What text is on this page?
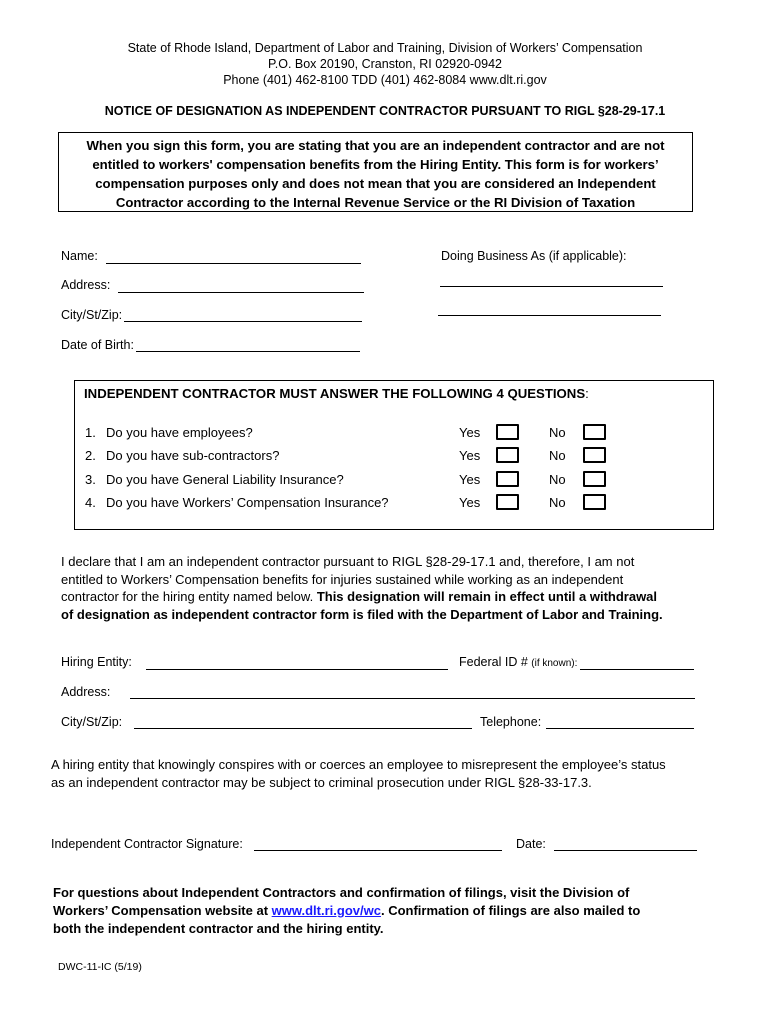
State of Rhode Island, Department of Labor and Training, Division of Workers’ Compensation
P.O. Box 20190, Cranston, RI 02920-0942
Phone (401) 462-8100 TDD (401) 462-8084 www.dlt.ri.gov
NOTICE OF DESIGNATION AS INDEPENDENT CONTRACTOR PURSUANT TO RIGL §28-29-17.1
When you sign this form, you are stating that you are an independent contractor and are not
entitled to workers' compensation benefits from the Hiring Entity. This form is for workers’
compensation purposes only and does not mean that you are considered an Independent
Contractor according to the Internal Revenue Service or the RI Division of Taxation
Name:	Doing Business As (if applicable):
Address:
City/St/Zip:
Date of Birth:
INDEPENDENT CONTRACTOR MUST ANSWER THE FOLLOWING 4 QUESTIONS:
1. Do you have employees?	Yes	No
2. Do you have sub-contractors?	Yes	No
3. Do you have General Liability Insurance?	Yes	No
4. Do you have Workers’ Compensation Insurance?	Yes	No
I declare that I am an independent contractor pursuant to RIGL §28-29-17.1 and, therefore, I am not
entitled to Workers’ Compensation benefits for injuries sustained while working as an independent
contractor for the hiring entity named below. This designation will remain in effect until a withdrawal
of designation as independent contractor form is filed with the Department of Labor and Training.
Hiring Entity:	Federal ID # (if known):
Address:
City/St/Zip:	Telephone:
A hiring entity that knowingly conspires with or coerces an employee to misrepresent the employee’s status
as an independent contractor may be subject to criminal prosecution under RIGL §28-33-17.3.
Independent Contractor Signature:	Date:
For questions about Independent Contractors and confirmation of filings, visit the Division of
Workers’ Compensation website at www.dlt.ri.gov/wc. Confirmation of filings are also mailed to
both the independent contractor and the hiring entity.
DWC-11-IC (5/19)
